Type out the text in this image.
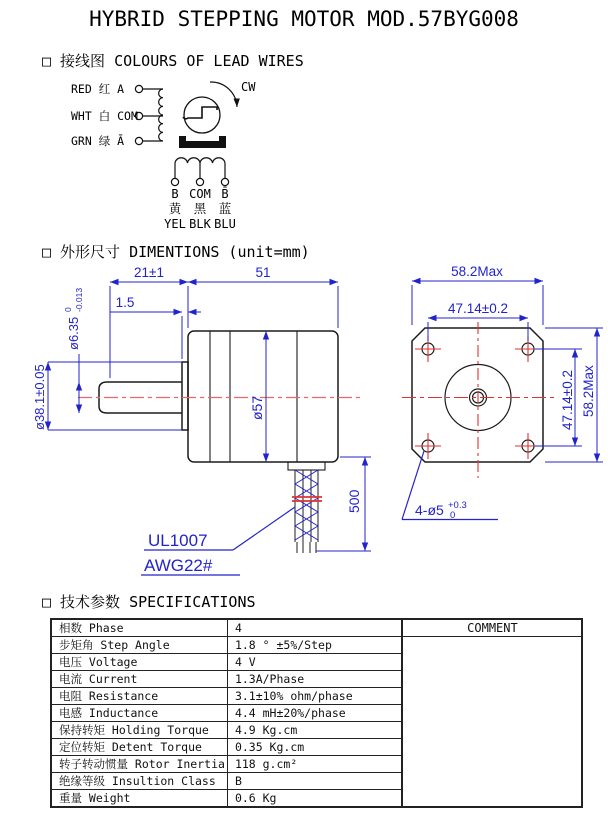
HYBRID STEPPING MOTOR MOD.57BYG008
□ 接线图 COLOURS OF LEAD WIRES
CW
RED 红 A
WHT 白 COM
GRN 绿 Ā
B COM B̄
黄 黑 蓝
YEL BLK BLU
□ 外形尺寸 DIMENTIONS (unit=mm)
21±1	51
1.5
ø6.35
0 -0.013
ø38.1±0.05	ø57
500
UL1007
AWG22#
58.2Max
47.14±0.2
47.14±0.2 58.2Max
4-ø5 +0.3
0
□ 技术参数 SPECIFICATIONS
相数 Phase	4	COMMENT
步矩角 Step Angle	1.8 ° ±5%/Step	
电压 Voltage	4 V	
电流 Current	1.3A/Phase	
电阻 Resistance	3.1±10% ohm/phase	
电感 Inductance	4.4 mH±20%/phase	
保持转矩 Holding Torque	4.9 Kg.cm	
定位转矩 Detent Torque	0.35 Kg.cm	
转子转动惯量 Rotor Inertia	118 g.cm²	
绝缘等级 Insultion Class	B	
重量 Weight	0.6 Kg	
